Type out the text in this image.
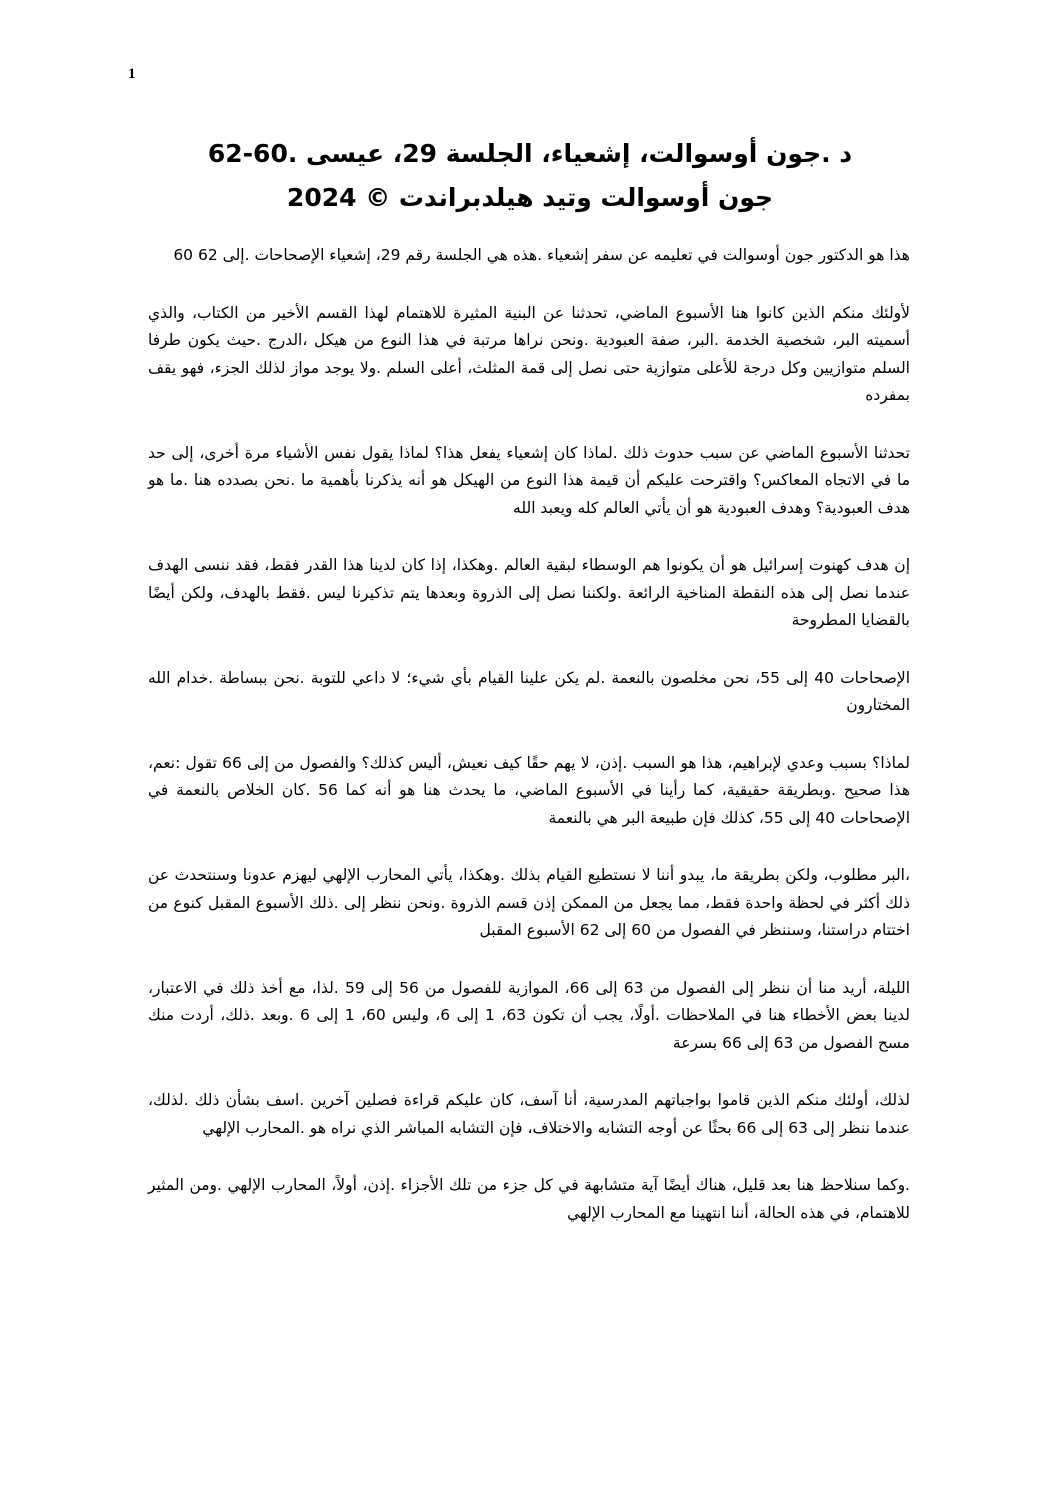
1
د .جون أوسوالت، إشعياء، الجلسة 29، عيسى .60-62
جون أوسوالت وتيد هيلدبراندت © 2024

هذا هو الدكتور جون أوسوالت في تعليمه عن سفر إشعياء .هذه هي الجلسة رقم 29، إشعياء الإصحاحات .إلى 62 60

لأولئك منكم الذين كانوا هنا الأسبوع الماضي، تحدثنا عن البنية المثيرة للاهتمام لهذا القسم الأخير من الكتاب، والذي أسميته البر، شخصية الخدمة .البر، صفة العبودية .ونحن نراها مرتبة في هذا النوع من هيكل ،الدرج .حيث يكون طرفا السلم متوازيين وكل درجة للأعلى متوازية حتى نصل إلى قمة المثلث، أعلى السلم .ولا يوجد مواز لذلك الجزء، فهو يقف بمفرده

تحدثنا الأسبوع الماضي عن سبب حدوث ذلك .لماذا كان إشعياء يفعل هذا؟ لماذا يقول نفس الأشياء مرة أخرى، إلى حد ما في الاتجاه المعاكس؟ واقترحت عليكم أن قيمة هذا النوع من الهيكل هو أنه يذكرنا بأهمية ما .نحن بصدده هنا .ما هو هدف العبودية؟ وهدف العبودية هو أن يأتي العالم كله ويعبد الله

إن هدف كهنوت إسرائيل هو أن يكونوا هم الوسطاء لبقية العالم .وهكذا، إذا كان لدينا هذا القدر فقط، فقد ننسى الهدف عندما نصل إلى هذه النقطة المناخية الرائعة .ولكننا نصل إلى الذروة وبعدها يتم تذكيرنا ليس .فقط بالهدف، ولكن أيضًا بالقضايا المطروحة

الإصحاحات 40 إلى 55، نحن مخلصون بالنعمة .لم يكن علينا القيام بأي شيء؛ لا داعي للتوبة .نحن ببساطة .خدام الله المختارون

لماذا؟ بسبب وعدي لإبراهيم، هذا هو السبب .إذن، لا يهم حقًا كيف نعيش، أليس كذلك؟ والفصول من إلى 66 تقول :نعم، هذا صحيح .وبطريقة حقيقية، كما رأينا في الأسبوع الماضي، ما يحدث هنا هو أنه كما 56 .كان الخلاص بالنعمة في الإصحاحات 40 إلى 55، كذلك فإن طبيعة البر هي بالنعمة

،البر مطلوب، ولكن بطريقة ما، يبدو أننا لا نستطيع القيام بذلك .وهكذا، يأتي المحارب الإلهي ليهزم عدونا وسنتحدث عن ذلك أكثر في لحظة واحدة فقط، مما يجعل من الممكن إذن قسم الذروة .ونحن ننظر إلى .ذلك الأسبوع المقبل كنوع من اختتام دراستنا، وسننظر في الفصول من 60 إلى 62 الأسبوع المقبل

الليلة، أريد منا أن ننظر إلى الفصول من 63 إلى 66، الموازية للفصول من 56 إلى 59 .لذا، مع أخذ ذلك في الاعتبار، لدينا بعض الأخطاء هنا في الملاحظات .أولًا، يجب أن تكون 63، 1 إلى 6، وليس 60، 1 إلى 6 .وبعد .ذلك، أردت منك مسح الفصول من 63 إلى 66 بسرعة

لذلك، أولئك منكم الذين قاموا بواجباتهم المدرسية، أنا آسف، كان عليكم قراءة فصلين آخرين .اسف بشأن ذلك .لذلك، عندما ننظر إلى 63 إلى 66 بحثًا عن أوجه التشابه والاختلاف، فإن التشابه المباشر الذي نراه هو .المحارب الإلهي

.وكما سنلاحظ هنا بعد قليل، هناك أيضًا آية متشابهة في كل جزء من تلك الأجزاء .إذن، أولاً، المحارب الإلهي .ومن المثير للاهتمام، في هذه الحالة، أننا انتهينا مع المحارب الإلهي
